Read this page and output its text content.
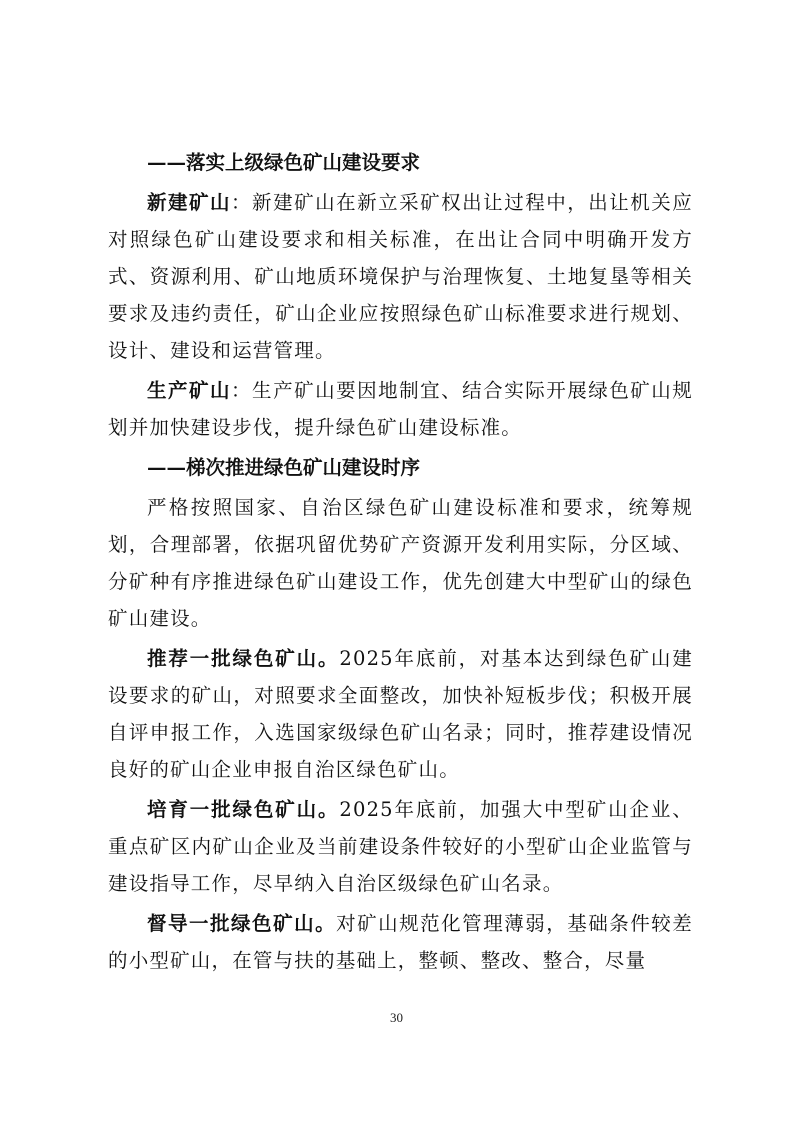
——落实上级绿色矿山建设要求
新建矿山：新建矿山在新立采矿权出让过程中，出让机关应对照绿色矿山建设要求和相关标准，在出让合同中明确开发方式、资源利用、矿山地质环境保护与治理恢复、土地复垦等相关要求及违约责任，矿山企业应按照绿色矿山标准要求进行规划、设计、建设和运营管理。
生产矿山：生产矿山要因地制宜、结合实际开展绿色矿山规划并加快建设步伐，提升绿色矿山建设标准。
——梯次推进绿色矿山建设时序
严格按照国家、自治区绿色矿山建设标准和要求，统筹规划，合理部署，依据巩留优势矿产资源开发利用实际，分区域、分矿种有序推进绿色矿山建设工作，优先创建大中型矿山的绿色矿山建设。
推荐一批绿色矿山。2025年底前，对基本达到绿色矿山建设要求的矿山，对照要求全面整改，加快补短板步伐；积极开展自评申报工作，入选国家级绿色矿山名录；同时，推荐建设情况良好的矿山企业申报自治区绿色矿山。
培育一批绿色矿山。2025年底前，加强大中型矿山企业、重点矿区内矿山企业及当前建设条件较好的小型矿山企业监管与建设指导工作，尽早纳入自治区级绿色矿山名录。
督导一批绿色矿山。对矿山规范化管理薄弱，基础条件较差的小型矿山，在管与扶的基础上，整顿、整改、整合，尽量
30
